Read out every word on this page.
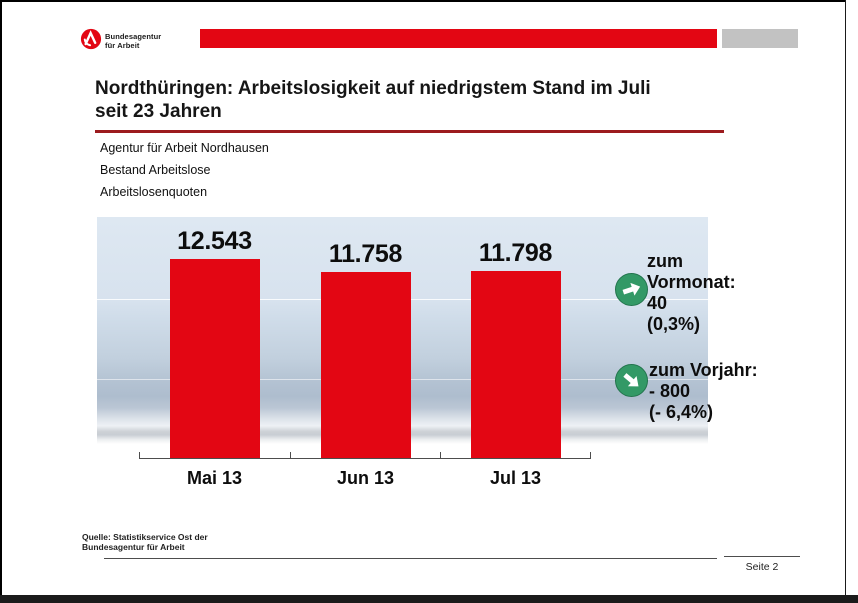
Bundesagentur
für Arbeit
Nordthüringen: Arbeitslosigkeit auf niedrigstem Stand im Juli
seit 23 Jahren
Agentur für Arbeit Nordhausen
Bestand Arbeitslose
Arbeitslosenquoten
12.543	11.758	11.798
Mai 13	Jun 13	Jul 13
zum
Vormonat:
40
(0,3%)
zum Vorjahr:
- 800
(- 6,4%)
Quelle: Statistikservice Ost der
Bundesagentur für Arbeit
Seite 2
